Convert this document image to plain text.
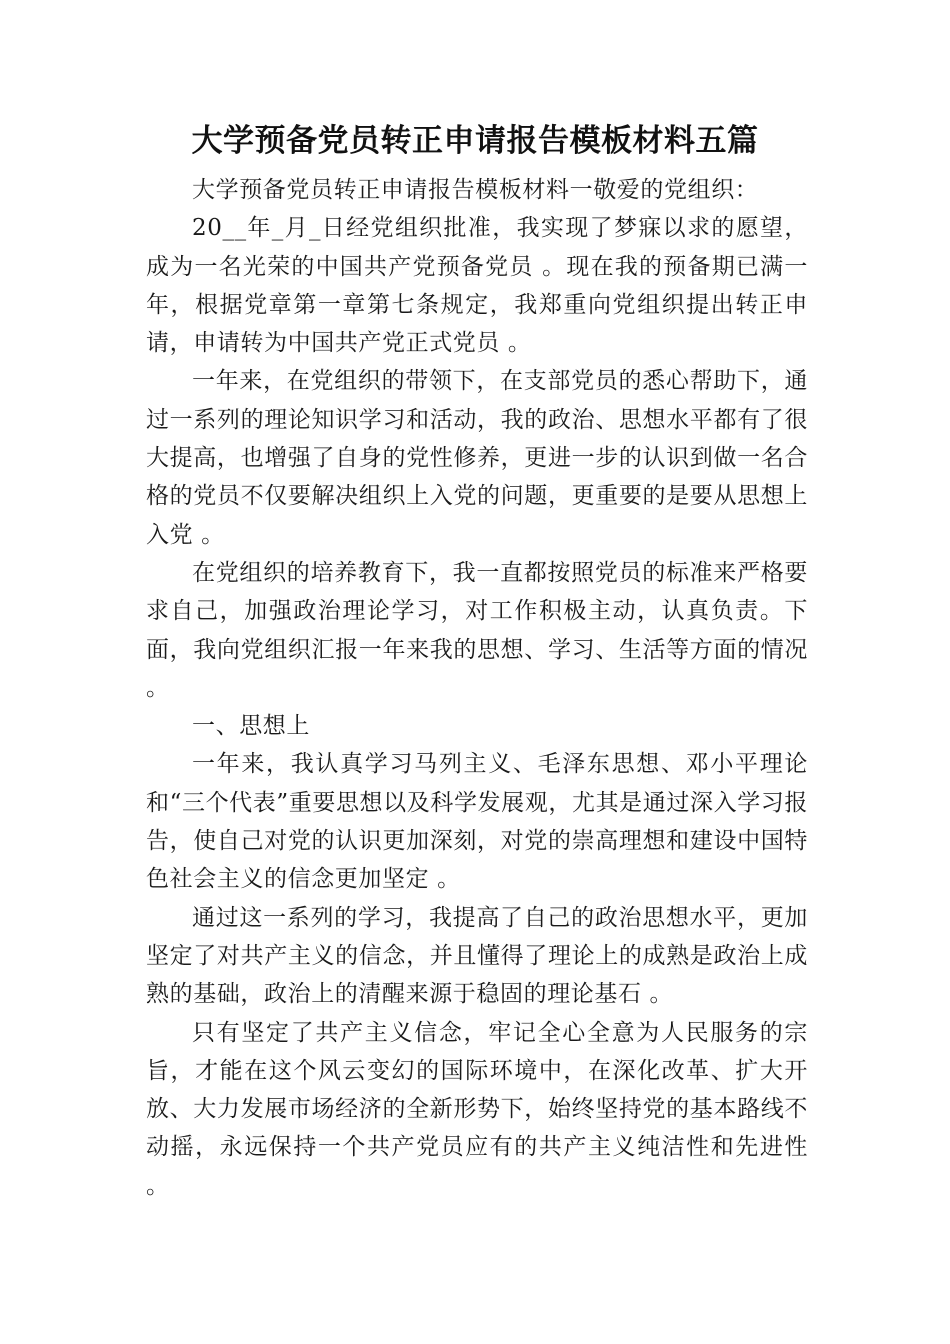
大学预备党员转正申请报告模板材料五篇

大学预备党员转正申请报告模板材料一敬爱的党组织：

20__年_月_日经党组织批准，我实现了梦寐以求的愿望，成为一名光荣的中国共产党预备党员 。现在我的预备期已满一年，根据党章第一章第七条规定，我郑重向党组织提出转正申请，申请转为中国共产党正式党员 。

一年来，在党组织的带领下，在支部党员的悉心帮助下，通过一系列的理论知识学习和活动，我的政治、思想水平都有了很大提高，也增强了自身的党性修养，更进一步的认识到做一名合格的党员不仅要解决组织上入党的问题，更重要的是要从思想上入党 。

在党组织的培养教育下，我一直都按照党员的标准来严格要求自己，加强政治理论学习，对工作积极主动，认真负责。下面，我向党组织汇报一年来我的思想、学习、生活等方面的情况 。

一、思想上

一年来，我认真学习马列主义、毛泽东思想、邓小平理论和“三个代表”重要思想以及科学发展观，尤其是通过深入学习报告，使自己对党的认识更加深刻，对党的崇高理想和建设中国特色社会主义的信念更加坚定 。

通过这一系列的学习，我提高了自己的政治思想水平，更加坚定了对共产主义的信念，并且懂得了理论上的成熟是政治上成熟的基础，政治上的清醒来源于稳固的理论基石 。

只有坚定了共产主义信念，牢记全心全意为人民服务的宗旨，才能在这个风云变幻的国际环境中，在深化改革、扩大开放、大力发展市场经济的全新形势下，始终坚持党的基本路线不动摇，永远保持一个共产党员应有的共产主义纯洁性和先进性 。
